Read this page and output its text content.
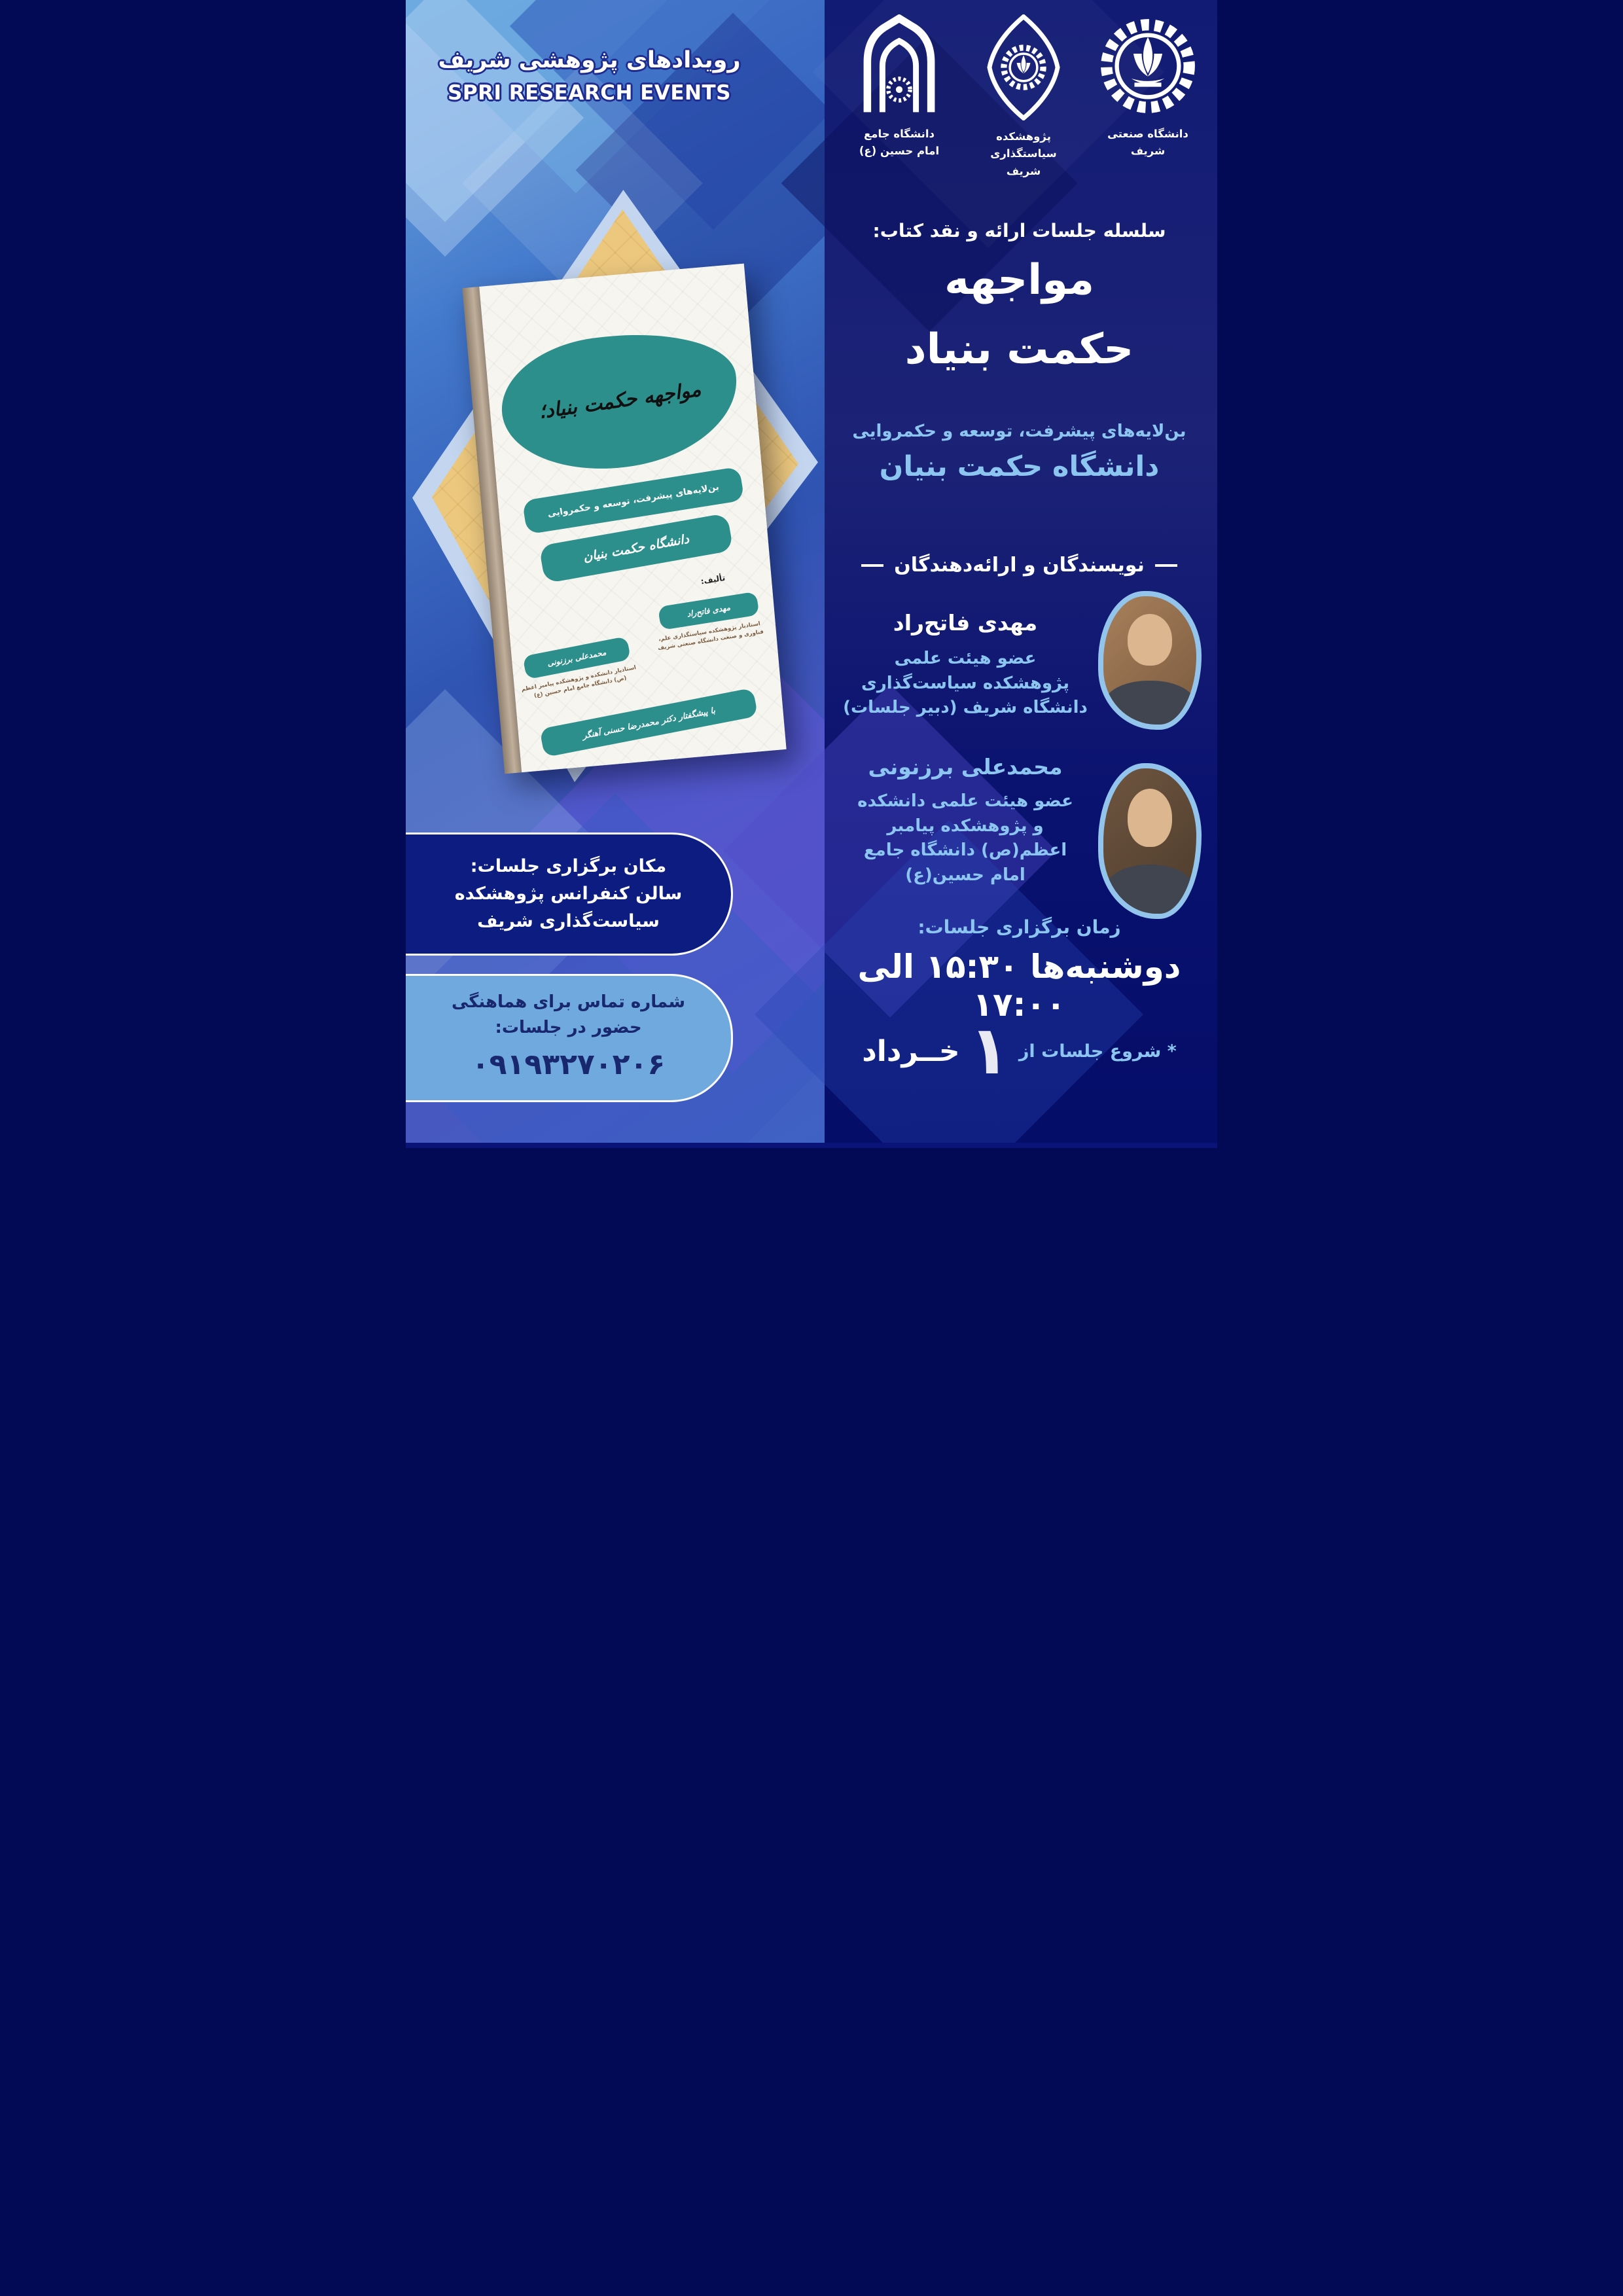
مواجهه حکمت بنیاد؛
بن‌لایه‌های پیشرفت، توسعه و حکمروایی
دانشگاه حکمت بنیان
تألیف:
مهدی فاتح‌راد
استادیار پژوهشکده سیاستگذاری علم، فناوری و صنعت دانشگاه صنعتی شریف
محمدعلی برزنونی
استادیار دانشکده و پژوهشکده پیامبر اعظم (ص) دانشگاه جامع امام حسین (ع)
با پیشگفتار دکتر محمدرضا حسنی آهنگر
رویدادهای پژوهشی شریف
SPRI RESEARCH EVENTS
دانشگاه صنعتی
شریف
پژوهشکده سیاستگذاری
شریف
دانشگاه جامع
امام حسین (ع)
سلسله جلسات ارائه و نقد کتاب:
مواجهه
حکمت بنیاد
بن‌لایه‌های پیشرفت، توسعه و حکمروایی
دانشگاه حکمت بنیان
نویسندگان و ارائه‌دهندگان
مهدی فاتح‌راد
عضو هیئت علمی
پژوهشکده سیاست‌گذاری
دانشگاه شریف (دبیر جلسات)
محمدعلی برزنونی
عضو هیئت علمی دانشکده
و پژوهشکده پیامبر
اعظم(ص) دانشگاه جامع
امام حسین(ع)
زمان برگزاری جلسات:
دوشنبه‌ها ۱۵:۳۰ الی ۱۷:۰۰
* شروع جلسات از
۱
خــرداد
مکان برگزاری جلسات:
سالن کنفرانس پژوهشکده
سیاست‌گذاری شریف
شماره تماس برای هماهنگی
حضور در جلسات:
۰۹۱۹۳۲۷۰۲۰۶
